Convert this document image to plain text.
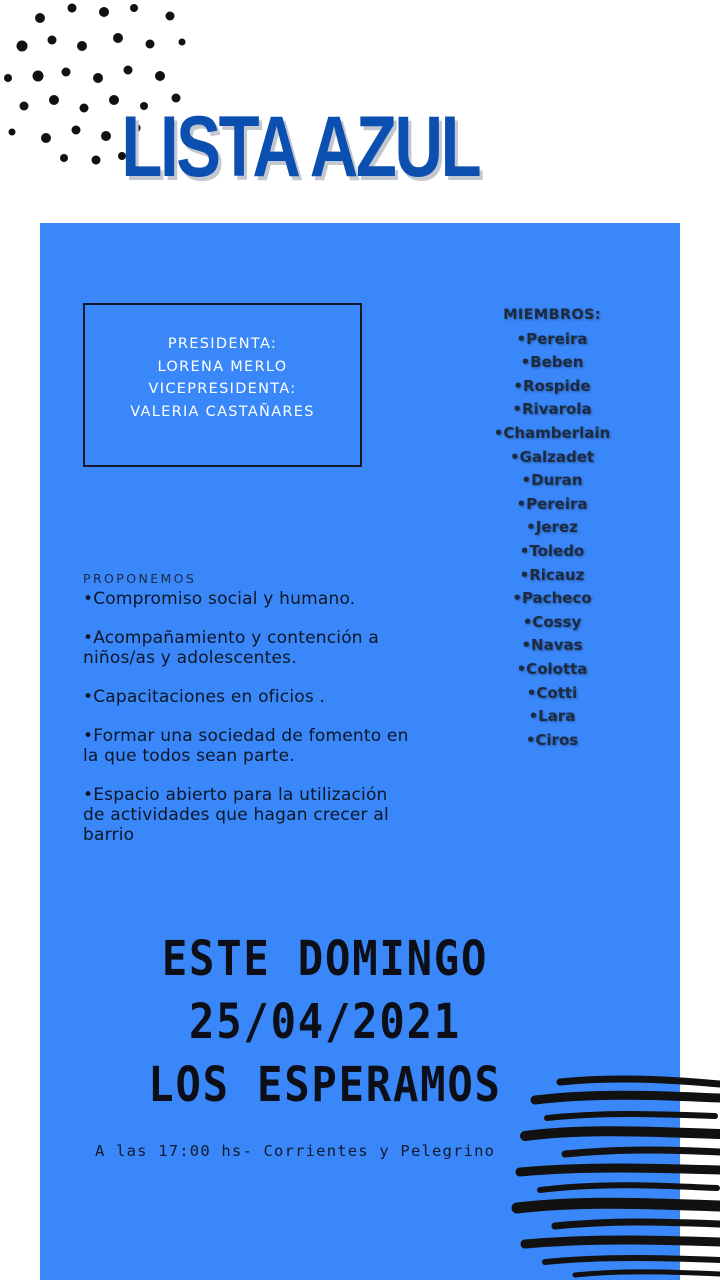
LISTA AZUL
PRESIDENTA:
LORENA MERLO
VICEPRESIDENTA:
VALERIA CASTAÑARES
MIEMBROS:
•Pereira
•Beben
•Rospide
•Rivarola
•Chamberlain
•Galzadet
•Duran
•Pereira
•Jerez
•Toledo
•Ricauz
•Pacheco
•Cossy
•Navas
•Colotta
•Cotti
•Lara
•Ciros
PROPONEMOS
•Compromiso social y humano.
•Acompañamiento y contención a niños/as y adolescentes.
•Capacitaciones en oficios .
•Formar una sociedad de fomento en la que todos sean parte.
•Espacio abierto para la utilización de actividades que hagan crecer al barrio
ESTE DOMINGO
25/04/2021
LOS ESPERAMOS
A las 17:00 hs- Corrientes y Pelegrino
